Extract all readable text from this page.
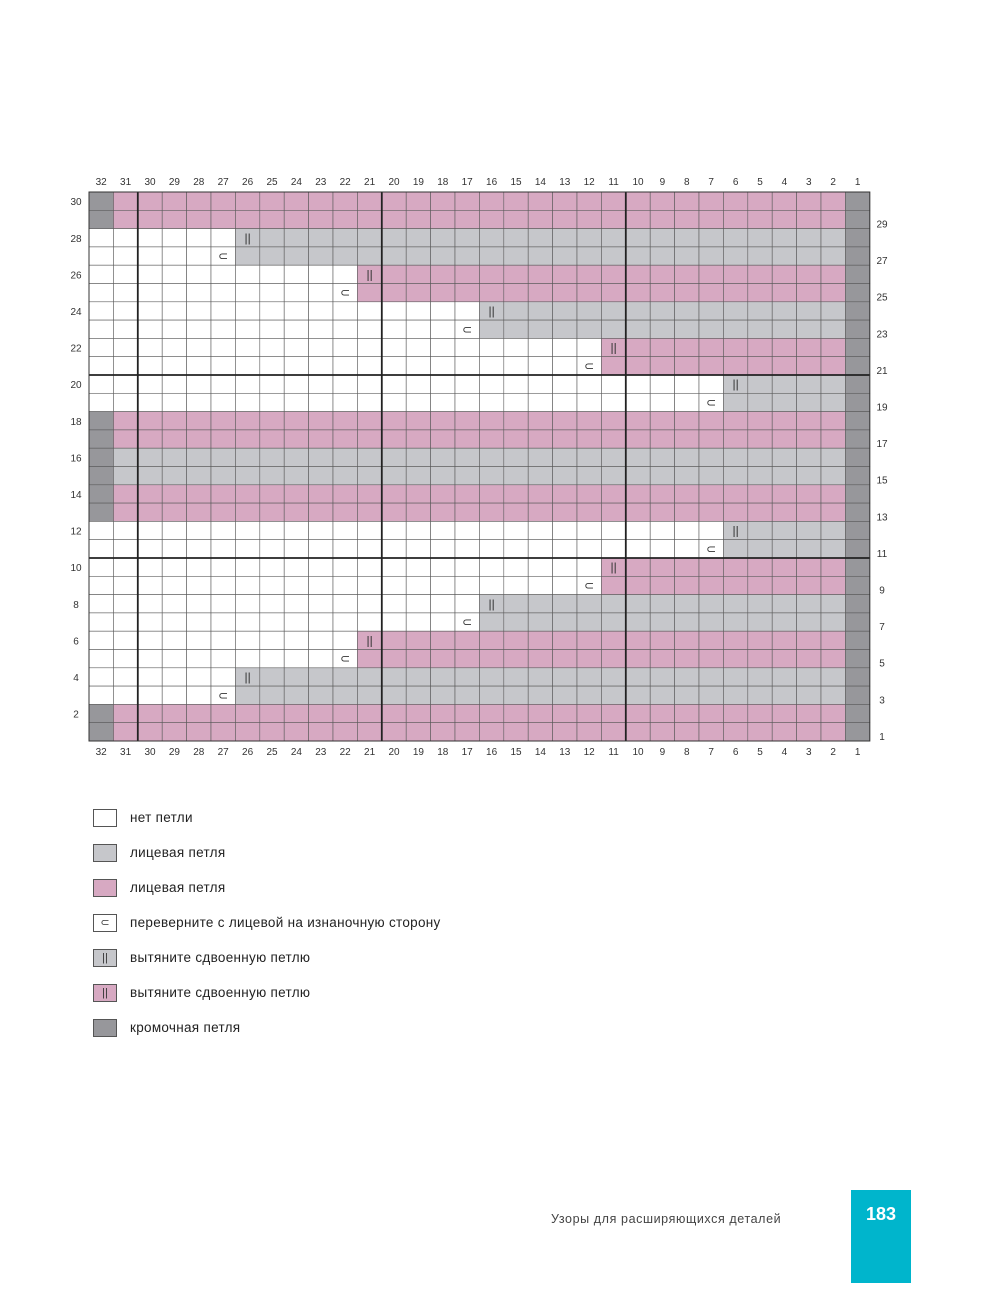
||
⊂
||
⊂
||
⊂
||
⊂
||
⊂
||
⊂
||
⊂
||
⊂
||
⊂
||
⊂
32
32
31
31
30
30
29
29
28
28
27
27
26
26
25
25
24
24
23
23
22
22
21
21
20
20
19
19
18
18
17
17
16
16
15
15
14
14
13
13
12
12
11
11
10
10
9
9
8
8
7
7
6
6
5
5
4
4
3
3
2
2
1
1
30
28
26
24
22
20
18
16
14
12
10
8
6
4
2
29
27
25
23
21
19
17
15
13
11
9
7
5
3
1
нет петли
лицевая петля
лицевая петля
⊂	переверните с лицевой на изнаночную сторону
||	вытяните сдвоенную петлю
||	вытяните сдвоенную петлю
кромочная петля
Узоры для расширяющихся деталей	183
